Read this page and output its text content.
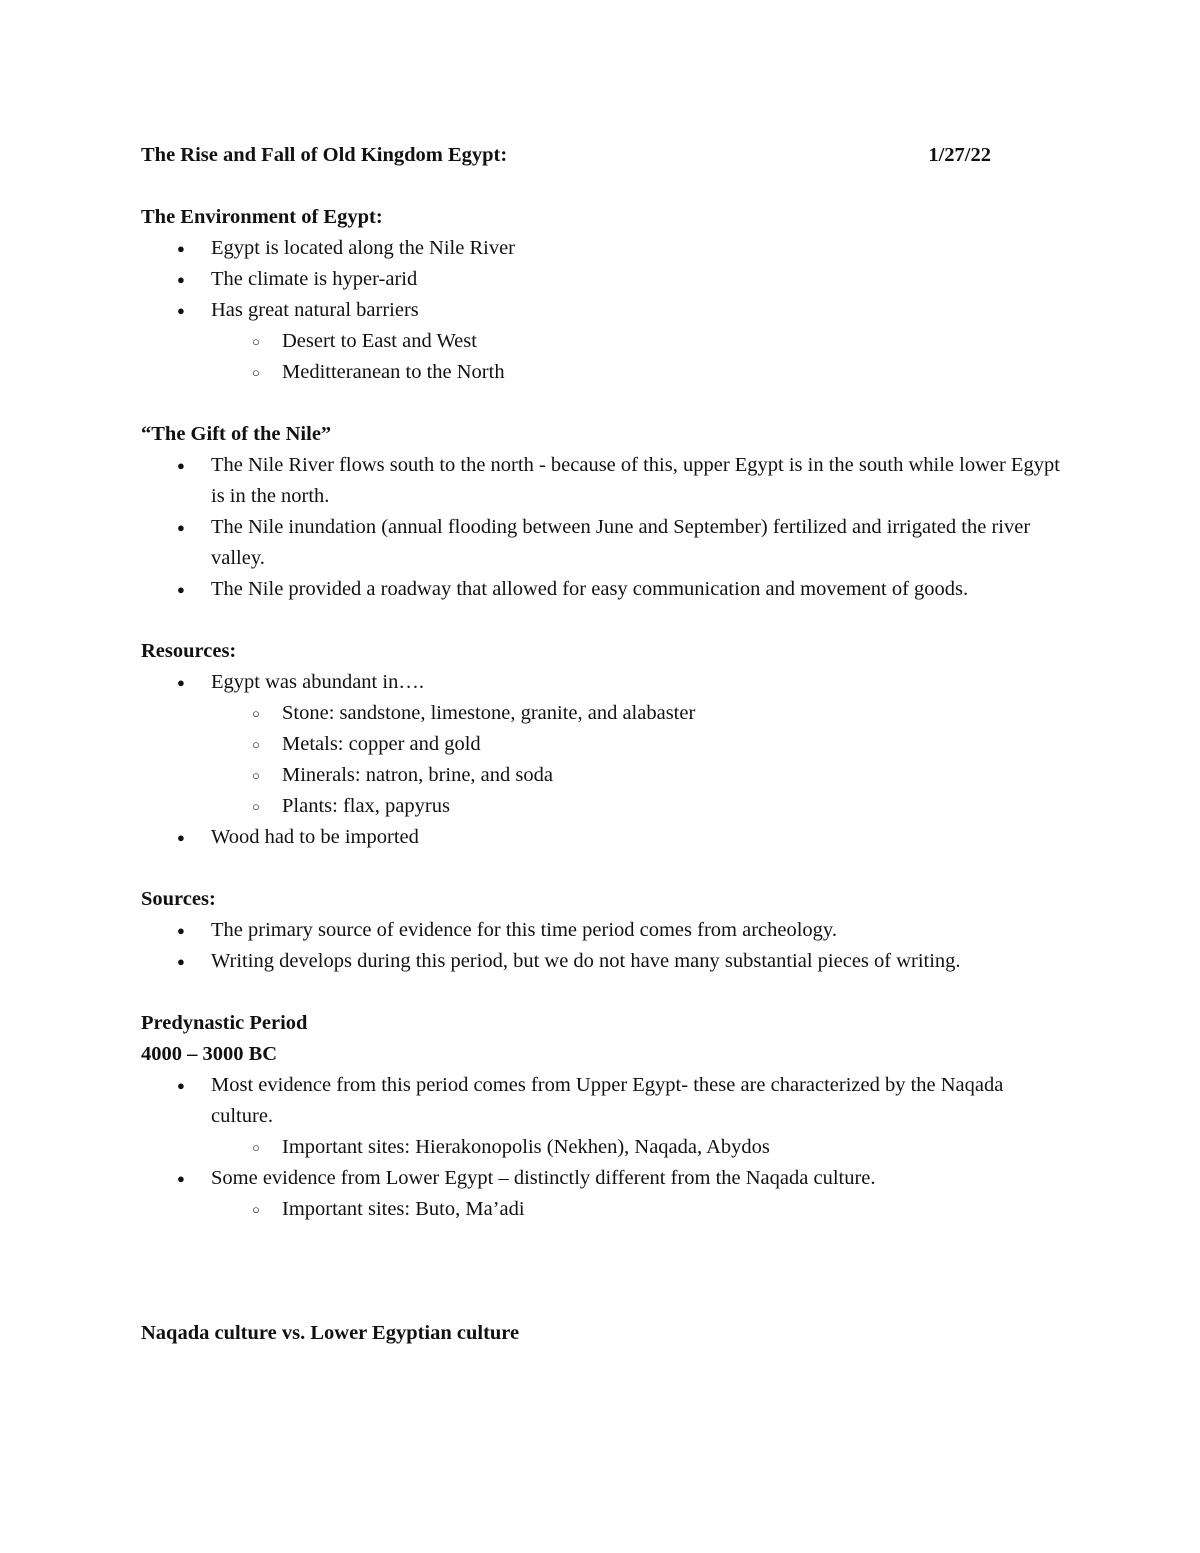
The Rise and Fall of Old Kingdom Egypt:	1/27/22
The Environment of Egypt:
● Egypt is located along the Nile River
● The climate is hyper-arid
● Has great natural barriers
○ Desert to East and West
○ Meditteranean to the North
“The Gift of the Nile”
● The Nile River flows south to the north - because of this, upper Egypt is in the south while lower Egypt is in the north.
● The Nile inundation (annual flooding between June and September) fertilized and irrigated the river valley.
● The Nile provided a roadway that allowed for easy communication and movement of goods.
Resources:
● Egypt was abundant in….
○ Stone: sandstone, limestone, granite, and alabaster
○ Metals: copper and gold
○ Minerals: natron, brine, and soda
○ Plants: flax, papyrus
● Wood had to be imported
Sources:
● The primary source of evidence for this time period comes from archeology.
● Writing develops during this period, but we do not have many substantial pieces of writing.
Predynastic Period
4000 – 3000 BC
● Most evidence from this period comes from Upper Egypt- these are characterized by the Naqada culture.
○ Important sites: Hierakonopolis (Nekhen), Naqada, Abydos
● Some evidence from Lower Egypt – distinctly different from the Naqada culture.
○ Important sites: Buto, Ma’adi
Naqada culture vs. Lower Egyptian culture
